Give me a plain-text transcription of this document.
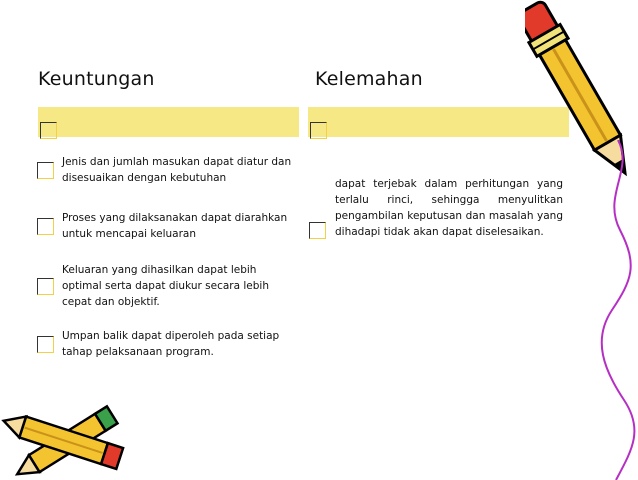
Keuntungan	Kelemahan
Jenis dan jumlah masukan dapat diatur dan disesuaikan dengan kebutuhan
Proses yang dilaksanakan dapat diarahkan untuk mencapai keluaran
Keluaran yang dihasilkan dapat lebih optimal serta dapat diukur secara lebih cepat dan objektif.
Umpan balik dapat diperoleh pada setiap tahap pelaksanaan program.
dapat terjebak dalam perhitungan yang terlalu rinci, sehingga menyulitkan pengambilan keputusan dan masalah yang dihadapi tidak akan dapat diselesaikan.
